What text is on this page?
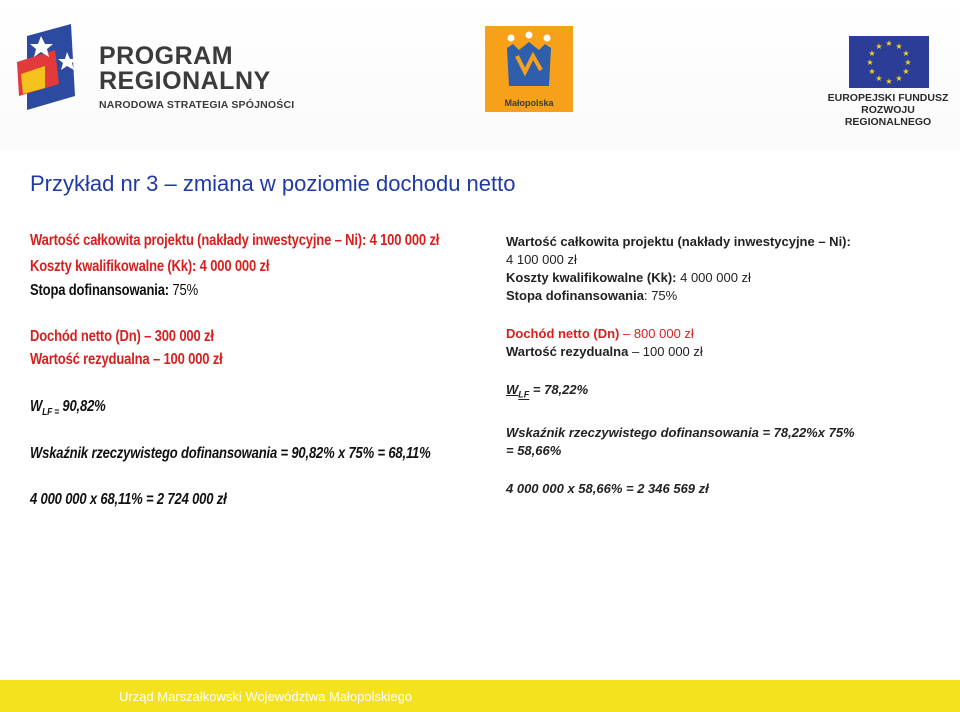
PROGRAM
REGIONALNY
NARODOWA STRATEGIA SPÓJNOŚCI	Małopolska
★ ★
★
★
★
★
★
★
★
★
★
★
EUROPEJSKI FUNDUSZ
ROZWOJU REGIONALNEGO
Przykład nr 3 – zmiana w poziomie dochodu netto
Wartość całkowita projektu (nakłady inwestycyjne – Ni): 4 100 000 zł
Koszty kwalifikowalne (Kk): 4 000 000 zł
Stopa dofinansowania: 75%
Dochód netto (Dn) – 300 000 zł
Wartość rezydualna – 100 000 zł
$W_{LF =}$ 90,82%
Wskaźnik rzeczywistego dofinansowania = 90,82% x 75% = 68,11%
4 000 000 x 68,11% = 2 724 000 zł

Wartość całkowita projektu (nakłady inwestycyjne – Ni):

4 100 000 zł

Koszty kwalifikowalne (Kk): 4 000 000 zł

Stopa dofinansowania: 75%

Dochód netto (Dn) – 800 000 zł

Wartość rezydualna – 100 000 zł

$W_{LF} = 78,22\%$

Wskaźnik rzeczywistego dofinansowania = 78,22%x 75%

= 58,66%

4 000 000 x 58,66% = 2 346 569 zł

Urząd Marszałkowski Województwa Małopolskiego
